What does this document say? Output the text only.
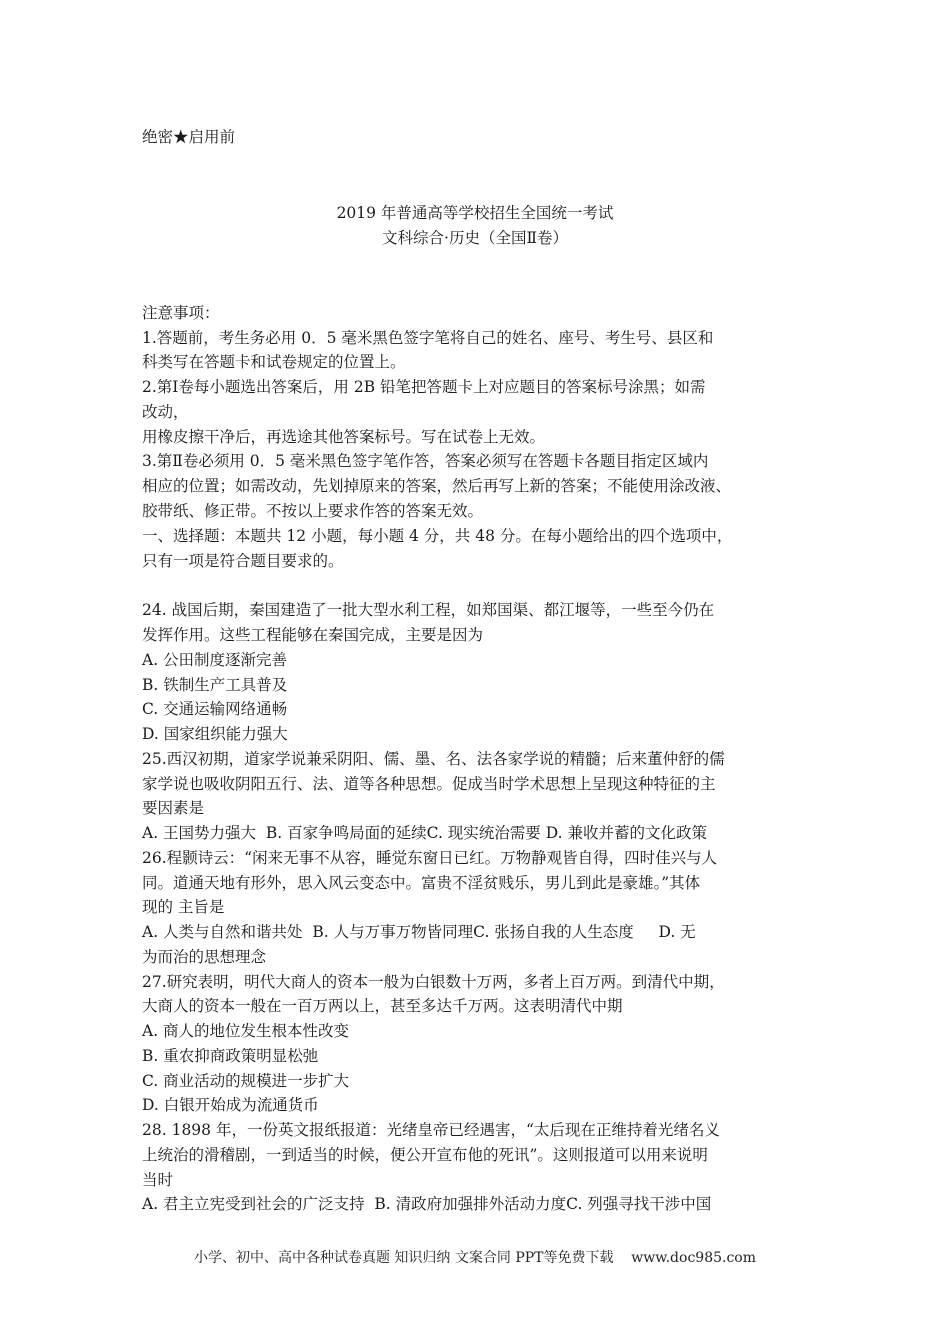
绝密★启用前
2019 年普通高等学校招生全国统一考试
文科综合·历史（全国Ⅱ卷）
注意事项：
1.答题前，考生务必用 0．5 毫米黑色签字笔将自己的姓名、座号、考生号、县区和
科类写在答题卡和试卷规定的位置上。
2.第Ⅰ卷每小题选出答案后，用 2B 铅笔把答题卡上对应题目的答案标号涂黑；如需
改动，
用橡皮擦干净后，再选途其他答案标号。写在试卷上无效。
3.第Ⅱ卷必须用 0．5 毫米黑色签字笔作答，答案必须写在答题卡各题目指定区域内
相应的位置；如需改动，先划掉原来的答案，然后再写上新的答案；不能使用涂改液、
胶带纸、修正带。不按以上要求作答的答案无效。
一、选择题：本题共 12 小题，每小题 4 分，共 48 分。在每小题给出的四个选项中，
只有一项是符合题目要求的。
24. 战国后期，秦国建造了一批大型水利工程，如郑国渠、都江堰等，一些至今仍在
发挥作用。这些工程能够在秦国完成，主要是因为
A. 公田制度逐渐完善
B. 铁制生产工具普及
C. 交通运输网络通畅
D. 国家组织能力强大
25.西汉初期，道家学说兼采阴阳、儒、墨、名、法各家学说的精髓；后来董仲舒的儒
家学说也吸收阴阳五行、法、道等各种思想。促成当时学术思想上呈现这种特征的主
要因素是
A. 王国势力强大  B. 百家争鸣局面的延续C. 现实统治需要 D. 兼收并蓄的文化政策
26.程颢诗云：“闲来无事不从容，睡觉东窗日已红。万物静观皆自得，四时佳兴与人
同。道通天地有形外，思入风云变态中。富贵不淫贫贱乐，男儿到此是豪雄。”其体
现的 主旨是
A. 人类与自然和谐共处  B. 人与万事万物皆同理C. 张扬自我的人生态度     D. 无
为而治的思想理念
27.研究表明，明代大商人的资本一般为白银数十万两，多者上百万两。到清代中期，
大商人的资本一般在一百万两以上，甚至多达千万两。这表明清代中期
A. 商人的地位发生根本性改变
B. 重农抑商政策明显松弛
C. 商业活动的规模进一步扩大
D. 白银开始成为流通货币
28. 1898 年，一份英文报纸报道：光绪皇帝已经遇害，“太后现在正维持着光绪名义
上统治的滑稽剧，一到适当的时候，便公开宣布他的死讯”。这则报道可以用来说明
当时
A. 君主立宪受到社会的广泛支持  B. 清政府加强排外活动力度C. 列强寻找干涉中国
小学、初中、高中各种试卷真题 知识归纳 文案合同 PPT等免费下载    www.doc985.com
